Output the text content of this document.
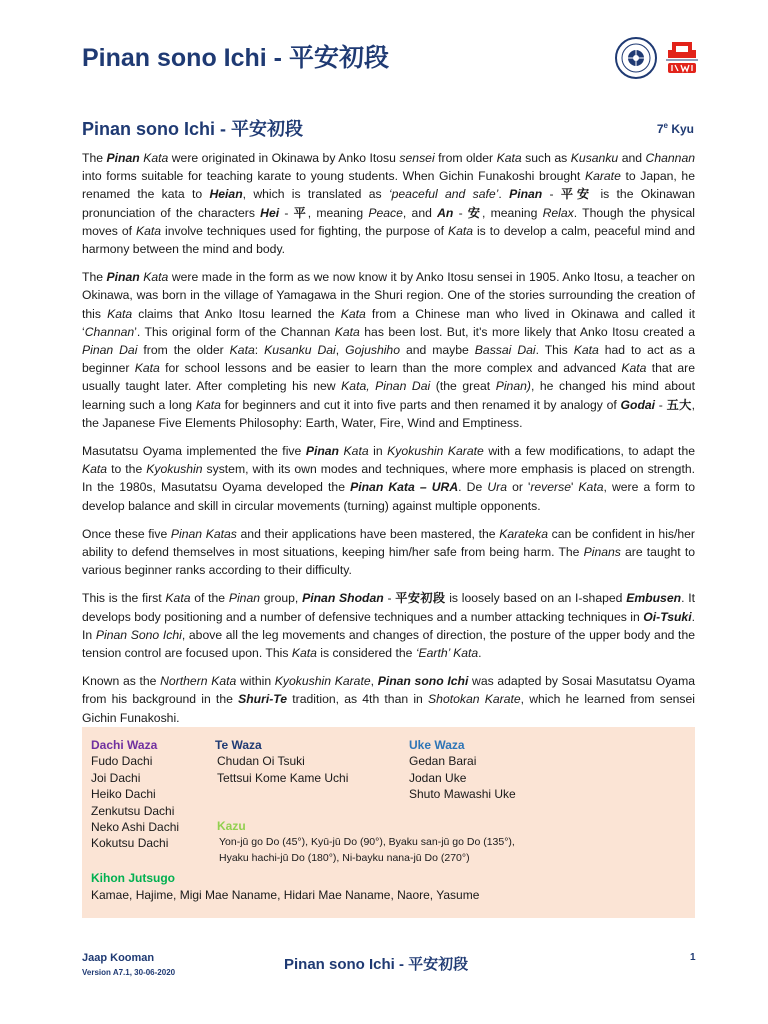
Pinan sono Ichi - 平安初段
Pinan sono Ichi - 平安初段	7e Kyu

The Pinan Kata were originated in Okinawa by Anko Itosu sensei from older Kata such as Kusanku and Channan into forms suitable for teaching karate to young students. When Gichin Funakoshi brought Karate to Japan, he renamed the kata to Heian, which is translated as ‘peaceful and safe’. Pinan - 平安 is the Okinawan pronunciation of the characters Hei - 平, meaning Peace, and An - 安, meaning Relax. Though the physical moves of Kata involve techniques used for fighting, the purpose of Kata is to develop a calm, peaceful mind and harmony between the mind and body.

The Pinan Kata were made in the form as we now know it by Anko Itosu sensei in 1905. Anko Itosu, a teacher on Okinawa, was born in the village of Yamagawa in the Shuri region. One of the stories surrounding the creation of this Kata claims that Anko Itosu learned the Kata from a Chinese man who lived in Okinawa and called it ‘Channan’. This original form of the Channan Kata has been lost. But, it's more likely that Anko Itosu created a Pinan Dai from the older Kata: Kusanku Dai, Gojushiho and maybe Bassai Dai. This Kata had to act as a beginner Kata for school lessons and be easier to learn than the more complex and advanced Kata that are usually taught later. After completing his new Kata, Pinan Dai (the great Pinan), he changed his mind about learning such a long Kata for beginners and cut it into five parts and then renamed it by analogy of Godai - 五大, the Japanese Five Elements Philosophy: Earth, Water, Fire, Wind and Emptiness.

Masutatsu Oyama implemented the five Pinan Kata in Kyokushin Karate with a few modifications, to adapt the Kata to the Kyokushin system, with its own modes and techniques, where more emphasis is placed on strength. In the 1980s, Masutatsu Oyama developed the Pinan Kata – URA. De Ura or 'reverse' Kata, were a form to develop balance and skill in circular movements (turning) against multiple opponents.

Once these five Pinan Katas and their applications have been mastered, the Karateka can be confident in his/her ability to defend themselves in most situations, keeping him/her safe from being harm. The Pinans are taught to various beginner ranks according to their difficulty.

This is the first Kata of the Pinan group, Pinan Shodan - 平安初段 is loosely based on an I-shaped Embusen. It develops body positioning and a number of defensive techniques and a number attacking techniques in Oi-Tsuki. In Pinan Sono Ichi, above all the leg movements and changes of direction, the posture of the upper body and the tension control are focused upon. This Kata is considered the ‘Earth’ Kata.

Known as the Northern Kata within Kyokushin Karate, Pinan sono Ichi was adapted by Sosai Masutatsu Oyama from his background in the Shuri-Te tradition, as 4th than in Shotokan Karate, which he learned from sensei Gichin Funakoshi.

Dachi Waza
Fudo Dachi
Joi Dachi
Heiko Dachi
Zenkutsu Dachi
Neko Ashi Dachi
Kokutsu Dachi
Te Waza
Chudan Oi Tsuki
Tettsui Kome Kame Uchi
Uke Waza
Gedan Barai
Jodan Uke
Shuto Mawashi Uke
Kazu
Yon-jū go Do (45°), Kyū-jū Do (90°), Byaku san-jū go Do (135°),
Hyaku hachi-jū Do (180°), Ni-bayku nana-jū Do (270°)
Kihon Jutsugo
Kamae, Hajime, Migi Mae Naname, Hidari Mae Naname, Naore, Yasume
Jaap Kooman
Version A7.1, 30-06-2020	Pinan sono Ichi - 平安初段	1
